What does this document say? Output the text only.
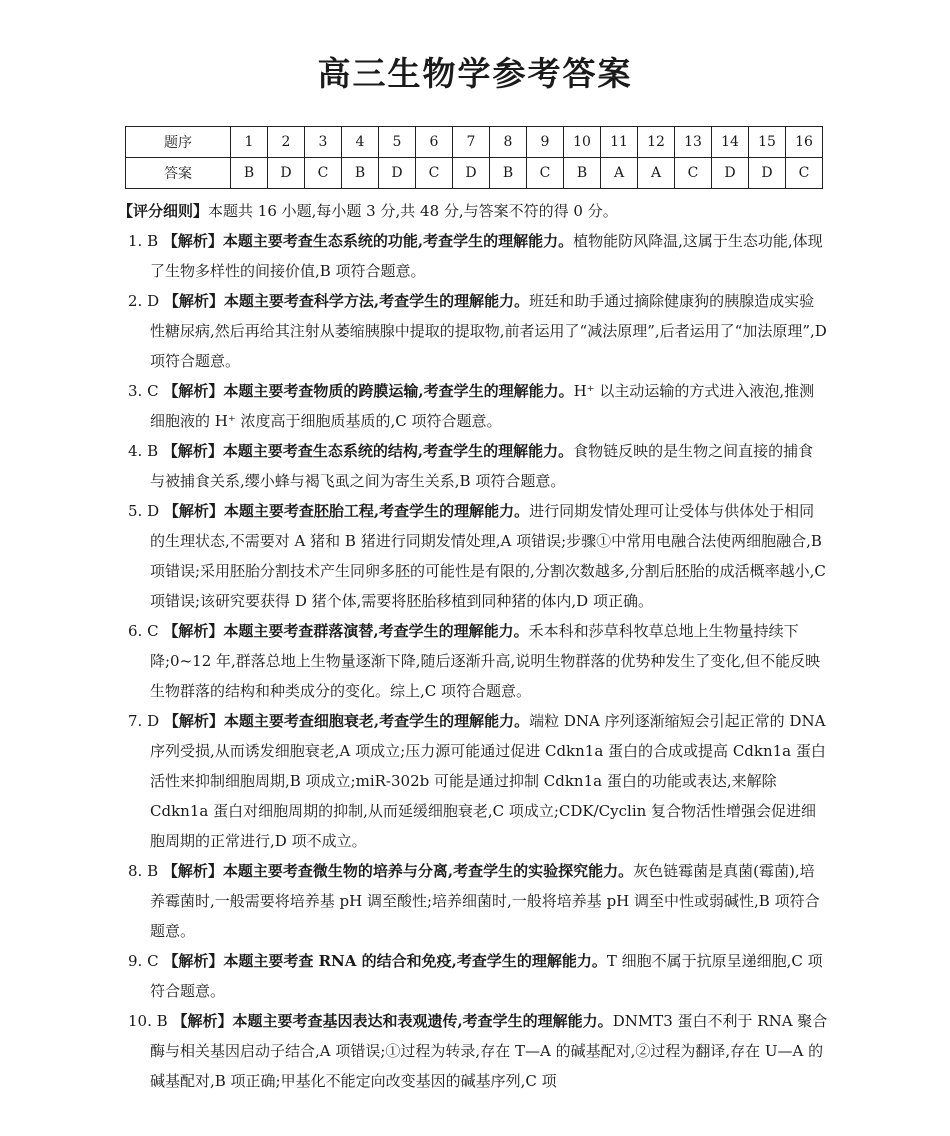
高三生物学参考答案
题序	1	2	3	4	5	6	7	8	9	10	11	12	13	14	15	16
答案	B	D	C	B	D	C	D	B	C	B	A	A	C	D	D	C
【评分细则】本题共 16 小题,每小题 3 分,共 48 分,与答案不符的得 0 分。
1. B 【解析】本题主要考查生态系统的功能,考查学生的理解能力。植物能防风降温,这属于生态功能,体现了生物多样性的间接价值,B 项符合题意。
2. D 【解析】本题主要考查科学方法,考查学生的理解能力。班廷和助手通过摘除健康狗的胰腺造成实验性糖尿病,然后再给其注射从萎缩胰腺中提取的提取物,前者运用了“减法原理”,后者运用了“加法原理”,D 项符合题意。
3. C 【解析】本题主要考查物质的跨膜运输,考查学生的理解能力。H⁺ 以主动运输的方式进入液泡,推测细胞液的 H⁺ 浓度高于细胞质基质的,C 项符合题意。
4. B 【解析】本题主要考查生态系统的结构,考查学生的理解能力。食物链反映的是生物之间直接的捕食与被捕食关系,缨小蜂与褐飞虱之间为寄生关系,B 项符合题意。
5. D 【解析】本题主要考查胚胎工程,考查学生的理解能力。进行同期发情处理可让受体与供体处于相同的生理状态,不需要对 A 猪和 B 猪进行同期发情处理,A 项错误;步骤①中常用电融合法使两细胞融合,B 项错误;采用胚胎分割技术产生同卵多胚的可能性是有限的,分割次数越多,分割后胚胎的成活概率越小,C 项错误;该研究要获得 D 猪个体,需要将胚胎移植到同种猪的体内,D 项正确。
6. C 【解析】本题主要考查群落演替,考查学生的理解能力。禾本科和莎草科牧草总地上生物量持续下降;0~12 年,群落总地上生物量逐渐下降,随后逐渐升高,说明生物群落的优势种发生了变化,但不能反映生物群落的结构和种类成分的变化。综上,C 项符合题意。
7. D 【解析】本题主要考查细胞衰老,考查学生的理解能力。端粒 DNA 序列逐渐缩短会引起正常的 DNA 序列受损,从而诱发细胞衰老,A 项成立;压力源可能通过促进 Cdkn1a 蛋白的合成或提高 Cdkn1a 蛋白活性来抑制细胞周期,B 项成立;miR-302b 可能是通过抑制 Cdkn1a 蛋白的功能或表达,来解除 Cdkn1a 蛋白对细胞周期的抑制,从而延缓细胞衰老,C 项成立;CDK/Cyclin 复合物活性增强会促进细胞周期的正常进行,D 项不成立。
8. B 【解析】本题主要考查微生物的培养与分离,考查学生的实验探究能力。灰色链霉菌是真菌(霉菌),培养霉菌时,一般需要将培养基 pH 调至酸性;培养细菌时,一般将培养基 pH 调至中性或弱碱性,B 项符合题意。
9. C 【解析】本题主要考查 RNA 的结合和免疫,考查学生的理解能力。T 细胞不属于抗原呈递细胞,C 项符合题意。
10. B 【解析】本题主要考查基因表达和表观遗传,考查学生的理解能力。DNMT3 蛋白不利于 RNA 聚合酶与相关基因启动子结合,A 项错误;①过程为转录,存在 T—A 的碱基配对,②过程为翻译,存在 U—A 的碱基配对,B 项正确;甲基化不能定向改变基因的碱基序列,C 项
